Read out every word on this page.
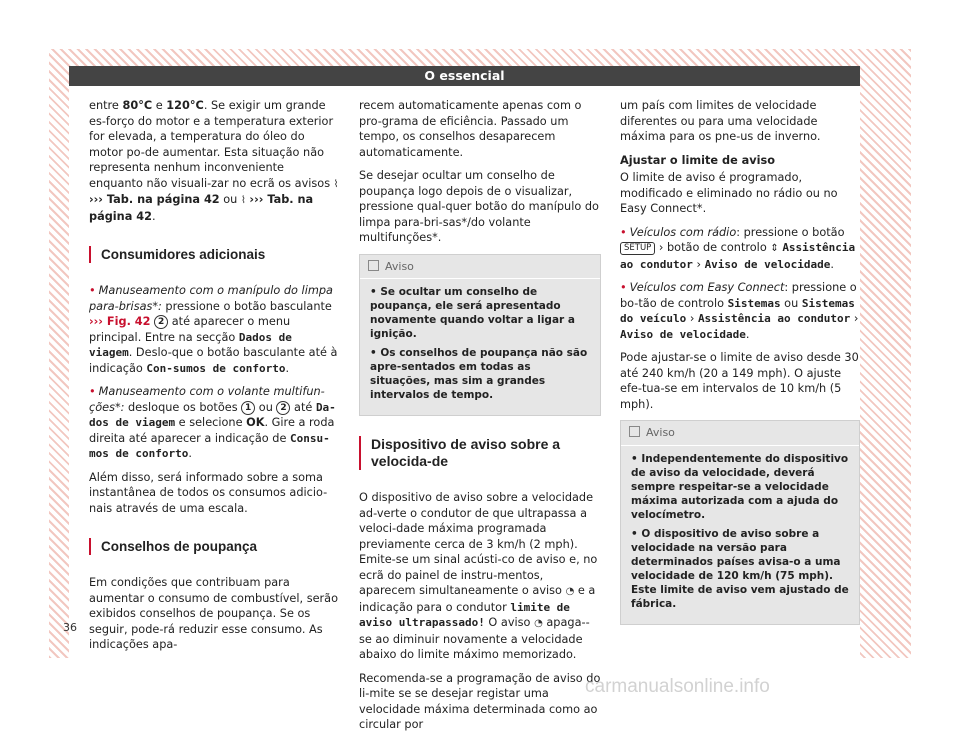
O essencial

entre 80°C e 120°C. Se exigir um grande es-forço do motor e a temperatura exterior for elevada, a temperatura do óleo do motor po-de aumentar. Esta situação não representa nenhum inconveniente enquanto não visuali-zar no ecrã os avisos ⌇ ››› Tab. na página 42 ou ⌇ ››› Tab. na página 42.

Consumidores adicionais

• Manuseamento com o manípulo do limpa para-brisas*: pressione o botão basculante ››› Fig. 42 2 até aparecer o menu principal. Entre na secção Dados de viagem. Deslo-que o botão basculante até à indicação Con-sumos de conforto.

• Manuseamento com o volante multifun-ções*: desloque os botões 1 ou 2 até Da-dos de viagem e selecione OK. Gire a roda direita até aparecer a indicação de Consu-mos de conforto.

Além disso, será informado sobre a soma instantânea de todos os consumos adicio-nais através de uma escala.

Conselhos de poupança

Em condições que contribuam para aumentar o consumo de combustível, serão exibidos conselhos de poupança. Se os seguir, pode-rá reduzir esse consumo. As indicações apa-

recem automaticamente apenas com o pro-grama de eficiência. Passado um tempo, os conselhos desaparecem automaticamente.

Se desejar ocultar um conselho de poupança logo depois de o visualizar, pressione qual-quer botão do manípulo do limpa para-bri-sas*/do volante multifunções*.

Aviso

• Se ocultar um conselho de poupança, ele será apresentado novamente quando voltar a ligar a ignição.

• Os conselhos de poupança não são apre-sentados em todas as situações, mas sim a grandes intervalos de tempo.

Dispositivo de aviso sobre a velocida-de

O dispositivo de aviso sobre a velocidade ad-verte o condutor de que ultrapassa a veloci-dade máxima programada previamente cerca de 3 km/h (2 mph). Emite-se um sinal acústi-co de aviso e, no ecrã do painel de instru-mentos, aparecem simultaneamente o aviso ◔ e a indicação para o condutor limite de aviso ultrapassado! O aviso ◔ apaga--se ao diminuir novamente a velocidade abaixo do limite máximo memorizado.

Recomenda-se a programação de aviso do li-mite se se desejar registar uma velocidade máxima determinada como ao circular por

um país com limites de velocidade diferentes ou para uma velocidade máxima para os pne-us de inverno.

Ajustar o limite de aviso

O limite de aviso é programado, modificado e eliminado no rádio ou no Easy Connect*.

• Veículos com rádio: pressione o botão SETUP › botão de controlo ⇕ Assistência ao condutor › Aviso de velocidade.

• Veículos com Easy Connect: pressione o bo-tão de controlo Sistemas ou Sistemas do veículo › Assistência ao condutor › Aviso de velocidade.

Pode ajustar-se o limite de aviso desde 30 até 240 km/h (20 a 149 mph). O ajuste efe-tua-se em intervalos de 10 km/h (5 mph).

Aviso

• Independentemente do dispositivo de aviso da velocidade, deverá sempre respeitar-se a velocidade máxima autorizada com a ajuda do velocímetro.

• O dispositivo de aviso sobre a velocidade na versão para determinados países avisa-o a uma velocidade de 120 km/h (75 mph). Este limite de aviso vem ajustado de fábrica.

36
carmanualsonline.info
